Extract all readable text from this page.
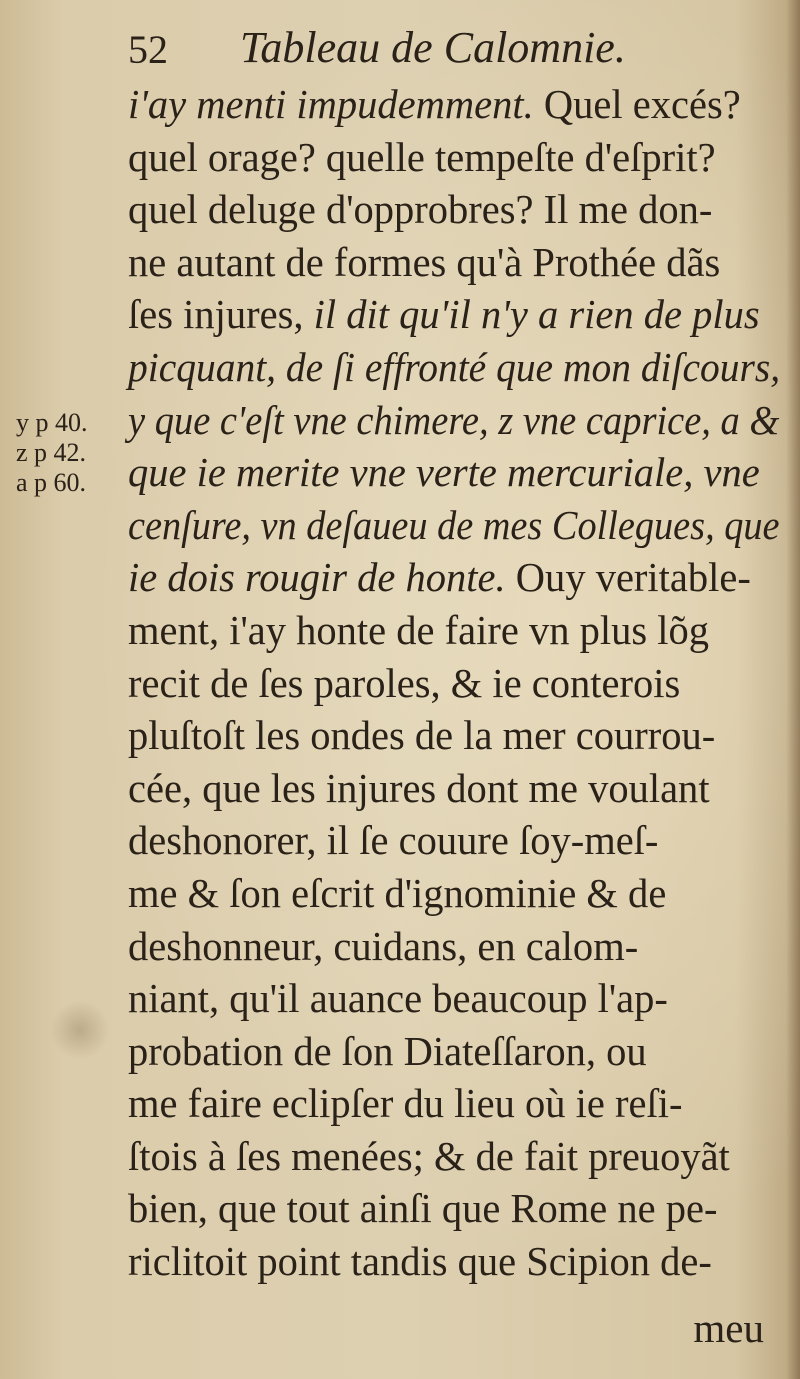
52 Tableau de Calomnie.
y p 40.
z p 42.
a p 60.
i'ay menti impudemment. Quel excés?
quel orage? quelle tempeſte d'eſprit?
quel deluge d'opprobres? Il me don-
ne autant de formes qu'à Prothée dãs
ſes injures, il dit qu'il n'y a rien de plus
picquant, de ſi effronté que mon diſcours,
y que c'eſt vne chimere, z vne caprice, a &
que ie merite vne verte mercuriale, vne
cenſure, vn deſaueu de mes Collegues, que
ie dois rougir de honte. Ouy veritable-
ment, i'ay honte de faire vn plus lõg
recit de ſes paroles, & ie conterois
pluſtoſt les ondes de la mer courrou-
cée, que les injures dont me voulant
deshonorer, il ſe couure ſoy-meſ-
me & ſon eſcrit d'ignominie & de
deshonneur, cuidans, en calom-
niant, qu'il auance beaucoup l'ap-
probation de ſon Diateſſaron, ou
me faire eclipſer du lieu où ie reſi-
ſtois à ſes menées; & de fait preuoyãt
bien, que tout ainſi que Rome ne pe-
riclitoit point tandis que Scipion de-
meu
